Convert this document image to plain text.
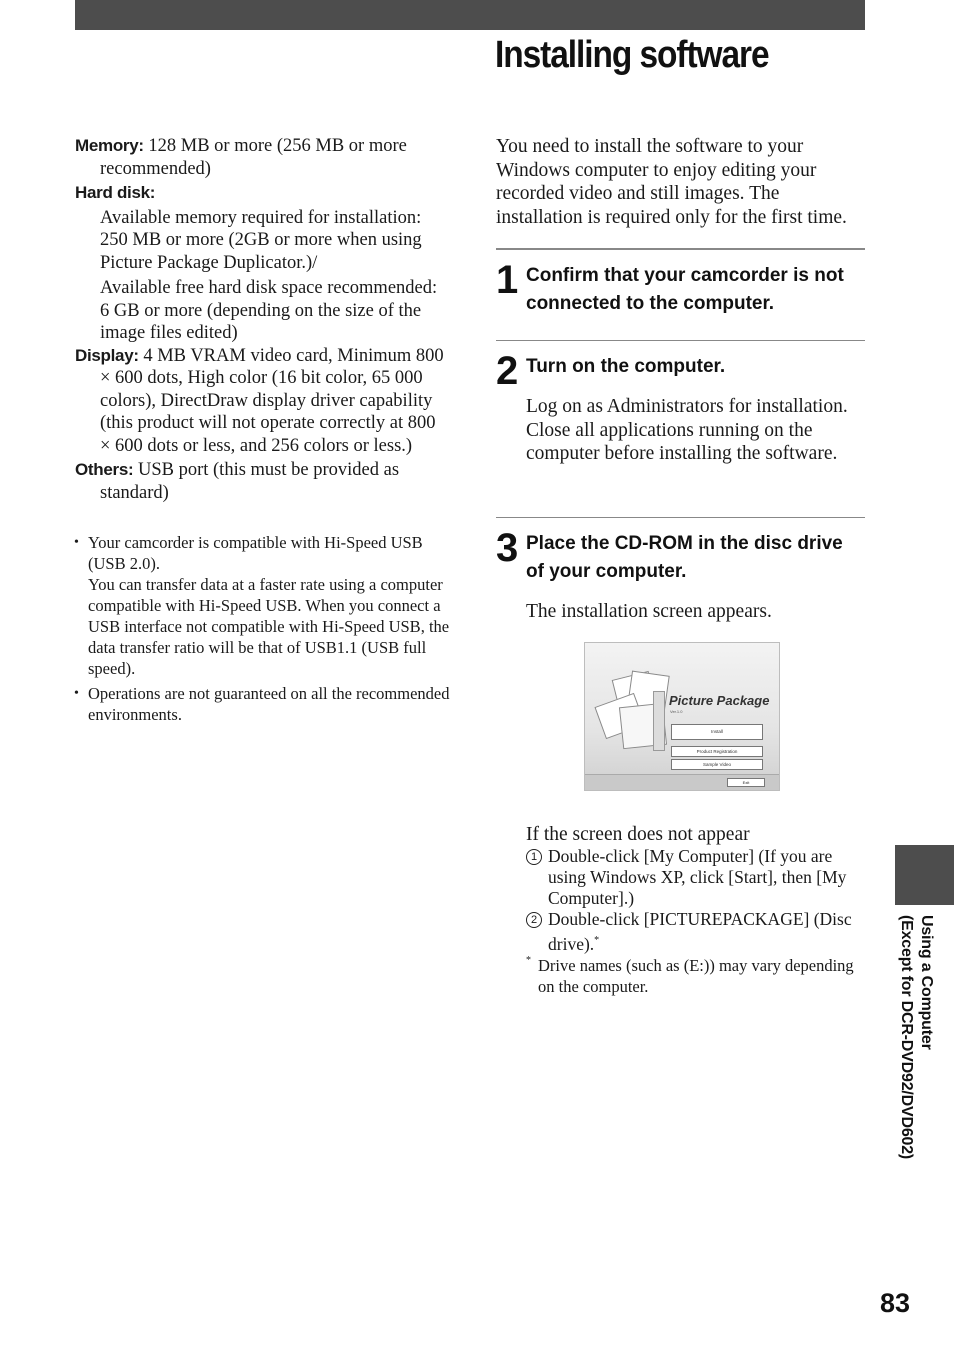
Installing software

Memory: 128 MB or more (256 MB or more recommended)

Hard disk:

Available memory required for installation: 250 MB or more (2GB or more when using Picture Package Duplicator.)/

Available free hard disk space recommended: 6 GB or more (depending on the size of the image files edited)

Display: 4 MB VRAM video card, Minimum 800 × 600 dots, High color (16 bit color, 65 000 colors), DirectDraw display driver capability (this product will not operate correctly at 800 × 600 dots or less, and 256 colors or less.)

Others: USB port (this must be provided as standard)

• Your camcorder is compatible with Hi-Speed USB (USB 2.0).
You can transfer data at a faster rate using a computer compatible with Hi-Speed USB. When you connect a USB interface not compatible with Hi-Speed USB, the data transfer ratio will be that of USB1.1 (USB full speed).
• Operations are not guaranteed on all the recommended environments.

You need to install the software to your Windows computer to enjoy editing your recorded video and still images. The installation is required only for the first time.

1 Confirm that your camcorder is not connected to the computer.

2 Turn on the computer.

Log on as Administrators for installation.

Close all applications running on the computer before installing the software.

3 Place the CD-ROM in the disc drive of your computer.

The installation screen appears.

Picture Package
Ver.1.0
Install
Product Registration
Sample Video
Exit

If the screen does not appear

1 Double-click [My Computer] (If you are using Windows XP, click [Start], then [My Computer].)

2 Double-click [PICTUREPACKAGE] (Disc drive).*

* Drive names (such as (E:)) may vary depending on the computer.	Using a Computer
(Except for DCR-DVD92/DVD602)
83
